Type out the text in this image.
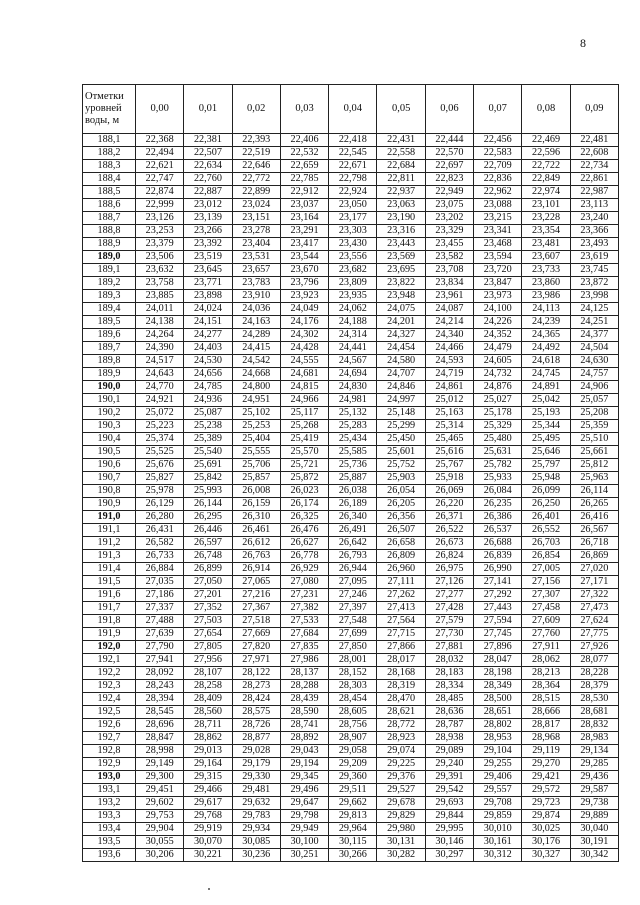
8
Отметки уровней воды, м	0,00	0,01	0,02	0,03	0,04	0,05	0,06	0,07	0,08	0,09
188,1	22,368	22,381	22,393	22,406	22,418	22,431	22,444	22,456	22,469	22,481
188,2	22,494	22,507	22,519	22,532	22,545	22,558	22,570	22,583	22,596	22,608
188,3	22,621	22,634	22,646	22,659	22,671	22,684	22,697	22,709	22,722	22,734
188,4	22,747	22,760	22,772	22,785	22,798	22,811	22,823	22,836	22,849	22,861
188,5	22,874	22,887	22,899	22,912	22,924	22,937	22,949	22,962	22,974	22,987
188,6	22,999	23,012	23,024	23,037	23,050	23,063	23,075	23,088	23,101	23,113
188,7	23,126	23,139	23,151	23,164	23,177	23,190	23,202	23,215	23,228	23,240
188,8	23,253	23,266	23,278	23,291	23,303	23,316	23,329	23,341	23,354	23,366
188,9	23,379	23,392	23,404	23,417	23,430	23,443	23,455	23,468	23,481	23,493
189,0	23,506	23,519	23,531	23,544	23,556	23,569	23,582	23,594	23,607	23,619
189,1	23,632	23,645	23,657	23,670	23,682	23,695	23,708	23,720	23,733	23,745
189,2	23,758	23,771	23,783	23,796	23,809	23,822	23,834	23,847	23,860	23,872
189,3	23,885	23,898	23,910	23,923	23,935	23,948	23,961	23,973	23,986	23,998
189,4	24,011	24,024	24,036	24,049	24,062	24,075	24,087	24,100	24,113	24,125
189,5	24,138	24,151	24,163	24,176	24,188	24,201	24,214	24,226	24,239	24,251
189,6	24,264	24,277	24,289	24,302	24,314	24,327	24,340	24,352	24,365	24,377
189,7	24,390	24,403	24,415	24,428	24,441	24,454	24,466	24,479	24,492	24,504
189,8	24,517	24,530	24,542	24,555	24,567	24,580	24,593	24,605	24,618	24,630
189,9	24,643	24,656	24,668	24,681	24,694	24,707	24,719	24,732	24,745	24,757
190,0	24,770	24,785	24,800	24,815	24,830	24,846	24,861	24,876	24,891	24,906
190,1	24,921	24,936	24,951	24,966	24,981	24,997	25,012	25,027	25,042	25,057
190,2	25,072	25,087	25,102	25,117	25,132	25,148	25,163	25,178	25,193	25,208
190,3	25,223	25,238	25,253	25,268	25,283	25,299	25,314	25,329	25,344	25,359
190,4	25,374	25,389	25,404	25,419	25,434	25,450	25,465	25,480	25,495	25,510
190,5	25,525	25,540	25,555	25,570	25,585	25,601	25,616	25,631	25,646	25,661
190,6	25,676	25,691	25,706	25,721	25,736	25,752	25,767	25,782	25,797	25,812
190,7	25,827	25,842	25,857	25,872	25,887	25,903	25,918	25,933	25,948	25,963
190,8	25,978	25,993	26,008	26,023	26,038	26,054	26,069	26,084	26,099	26,114
190,9	26,129	26,144	26,159	26,174	26,189	26,205	26,220	26,235	26,250	26,265
191,0	26,280	26,295	26,310	26,325	26,340	26,356	26,371	26,386	26,401	26,416
191,1	26,431	26,446	26,461	26,476	26,491	26,507	26,522	26,537	26,552	26,567
191,2	26,582	26,597	26,612	26,627	26,642	26,658	26,673	26,688	26,703	26,718
191,3	26,733	26,748	26,763	26,778	26,793	26,809	26,824	26,839	26,854	26,869
191,4	26,884	26,899	26,914	26,929	26,944	26,960	26,975	26,990	27,005	27,020
191,5	27,035	27,050	27,065	27,080	27,095	27,111	27,126	27,141	27,156	27,171
191,6	27,186	27,201	27,216	27,231	27,246	27,262	27,277	27,292	27,307	27,322
191,7	27,337	27,352	27,367	27,382	27,397	27,413	27,428	27,443	27,458	27,473
191,8	27,488	27,503	27,518	27,533	27,548	27,564	27,579	27,594	27,609	27,624
191,9	27,639	27,654	27,669	27,684	27,699	27,715	27,730	27,745	27,760	27,775
192,0	27,790	27,805	27,820	27,835	27,850	27,866	27,881	27,896	27,911	27,926
192,1	27,941	27,956	27,971	27,986	28,001	28,017	28,032	28,047	28,062	28,077
192,2	28,092	28,107	28,122	28,137	28,152	28,168	28,183	28,198	28,213	28,228
192,3	28,243	28,258	28,273	28,288	28,303	28,319	28,334	28,349	28,364	28,379
192,4	28,394	28,409	28,424	28,439	28,454	28,470	28,485	28,500	28,515	28,530
192,5	28,545	28,560	28,575	28,590	28,605	28,621	28,636	28,651	28,666	28,681
192,6	28,696	28,711	28,726	28,741	28,756	28,772	28,787	28,802	28,817	28,832
192,7	28,847	28,862	28,877	28,892	28,907	28,923	28,938	28,953	28,968	28,983
192,8	28,998	29,013	29,028	29,043	29,058	29,074	29,089	29,104	29,119	29,134
192,9	29,149	29,164	29,179	29,194	29,209	29,225	29,240	29,255	29,270	29,285
193,0	29,300	29,315	29,330	29,345	29,360	29,376	29,391	29,406	29,421	29,436
193,1	29,451	29,466	29,481	29,496	29,511	29,527	29,542	29,557	29,572	29,587
193,2	29,602	29,617	29,632	29,647	29,662	29,678	29,693	29,708	29,723	29,738
193,3	29,753	29,768	29,783	29,798	29,813	29,829	29,844	29,859	29,874	29,889
193,4	29,904	29,919	29,934	29,949	29,964	29,980	29,995	30,010	30,025	30,040
193,5	30,055	30,070	30,085	30,100	30,115	30,131	30,146	30,161	30,176	30,191
193,6	30,206	30,221	30,236	30,251	30,266	30,282	30,297	30,312	30,327	30,342
